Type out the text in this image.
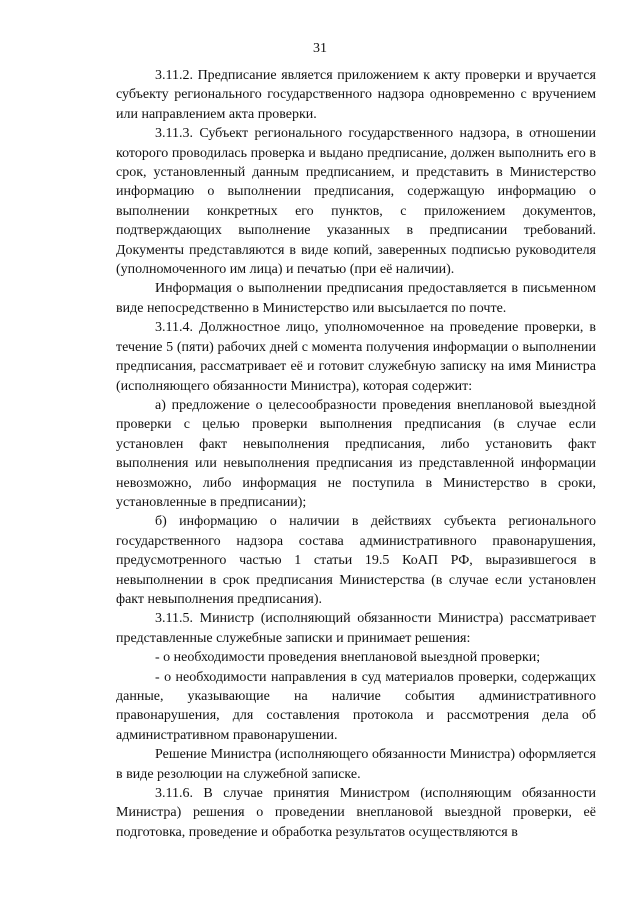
31

3.11.2. Предписание является приложением к акту проверки и вручается субъекту регионального государственного надзора одновременно с вручением или направлением акта проверки.

3.11.3. Субъект регионального государственного надзора, в отношении которого проводилась проверка и выдано предписание, должен выполнить его в срок, установленный данным предписанием, и представить в Министерство информацию о выполнении предписания, содержащую информацию о выполнении конкретных его пунктов, с приложением документов, подтверждающих выполнение указанных в предписании требований. Документы представляются в виде копий, заверенных подписью руководителя (уполномоченного им лица) и печатью (при её наличии).

Информация о выполнении предписания предоставляется в письменном виде непосредственно в Министерство или высылается по почте.

3.11.4. Должностное лицо, уполномоченное на проведение проверки, в течение 5 (пяти) рабочих дней с момента получения информации о выполнении предписания, рассматривает её и готовит служебную записку на имя Министра (исполняющего обязанности Министра), которая содержит:

а) предложение о целесообразности проведения внеплановой выездной проверки с целью проверки выполнения предписания (в случае если установлен факт невыполнения предписания, либо установить факт выполнения или невыполнения предписания из представленной информации невозможно, либо информация не поступила в Министерство в сроки, установленные в предписании);

б) информацию о наличии в действиях субъекта регионального государственного надзора состава административного правонарушения, предусмотренного частью 1 статьи 19.5 КоАП РФ, выразившегося в невыполнении в срок предписания Министерства (в случае если установлен факт невыполнения предписания).

3.11.5. Министр (исполняющий обязанности Министра) рассматривает представленные служебные записки и принимает решения:

- о необходимости проведения внеплановой выездной проверки;

- о необходимости направления в суд материалов проверки, содержащих данные, указывающие на наличие события административного правонарушения, для составления протокола и рассмотрения дела об административном правонарушении.

Решение Министра (исполняющего обязанности Министра) оформляется в виде резолюции на служебной записке.

3.11.6. В случае принятия Министром (исполняющим обязанности Министра) решения о проведении внеплановой выездной проверки, её подготовка, проведение и обработка результатов осуществляются в
